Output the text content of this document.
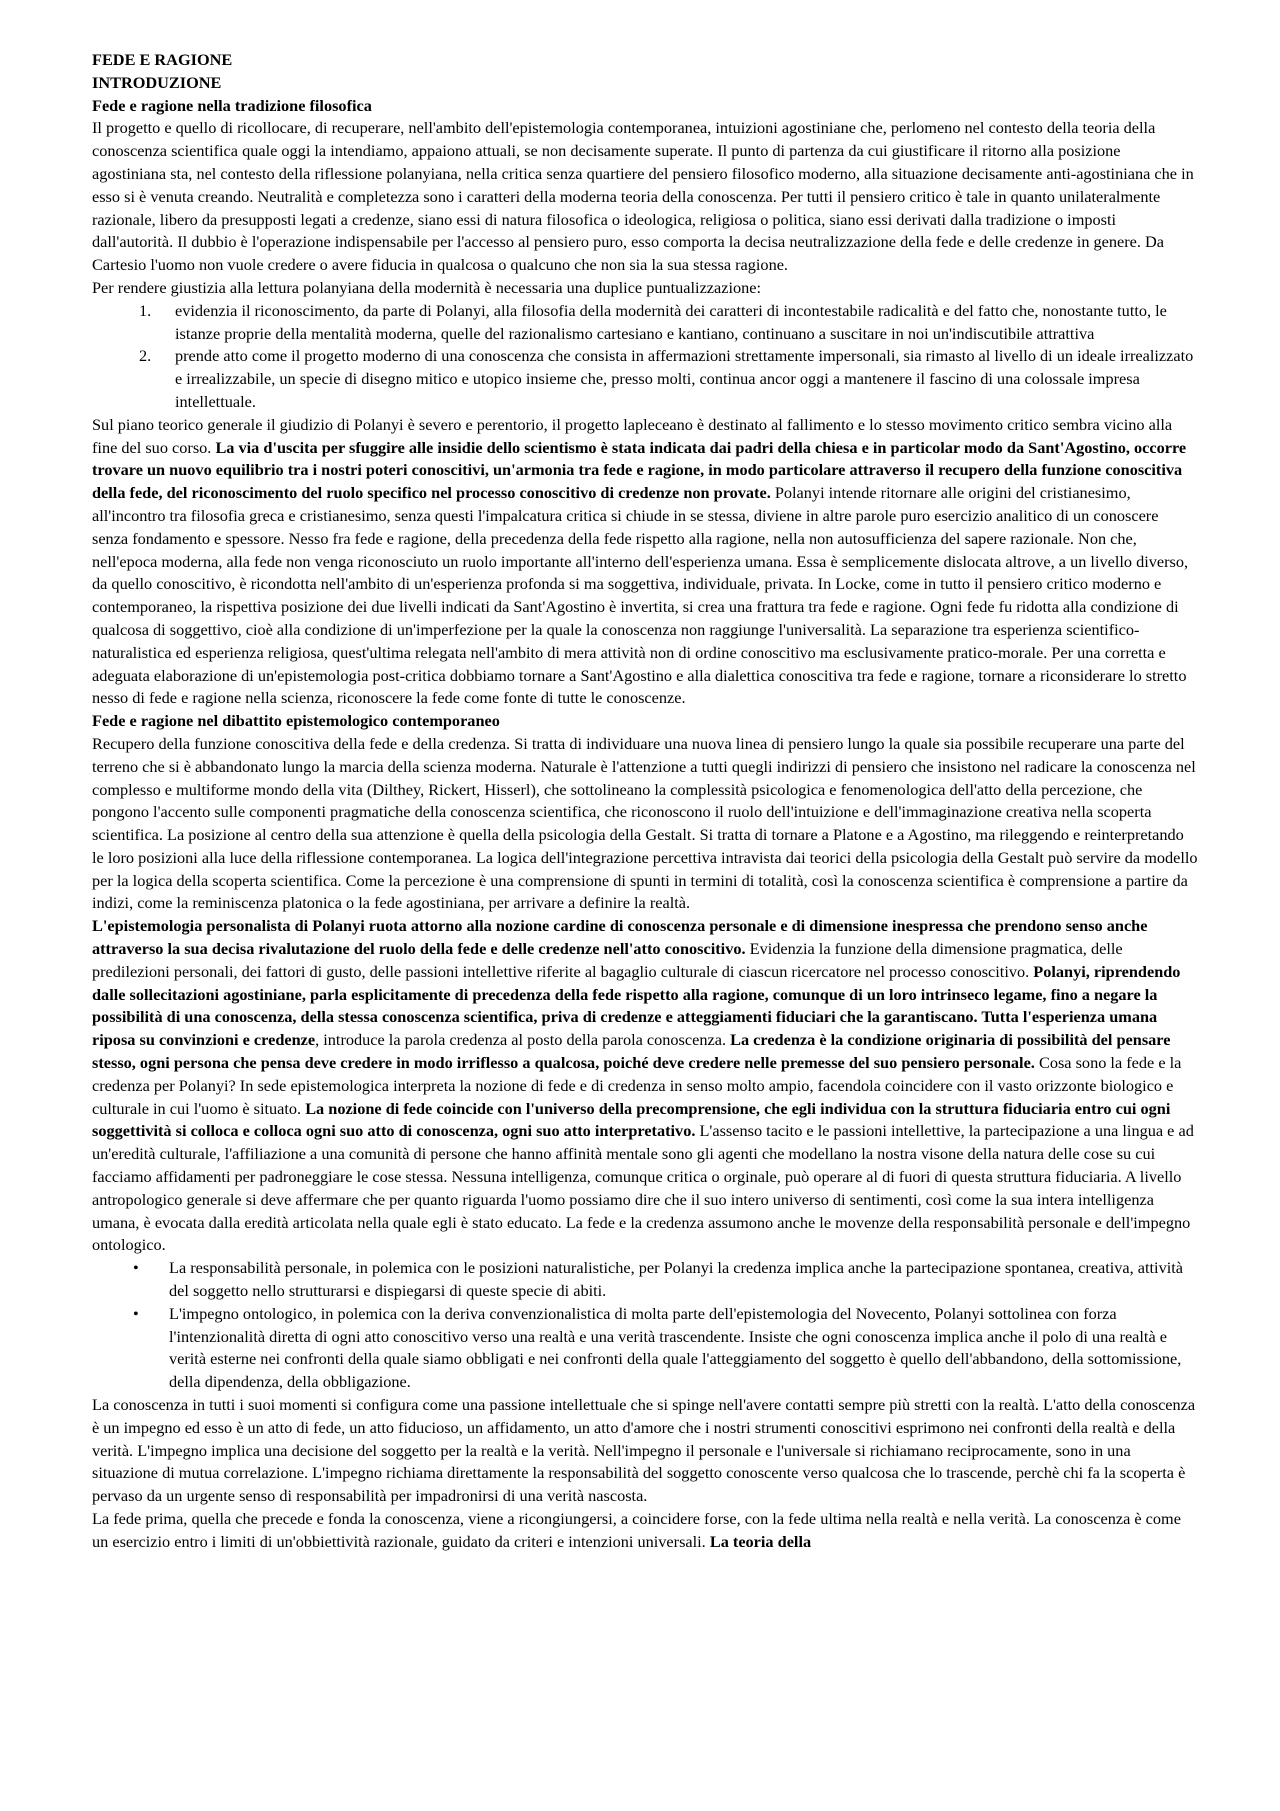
FEDE E RAGIONE

INTRODUZIONE

Fede e ragione nella tradizione filosofica

Il progetto e quello di ricollocare, di recuperare, nell'ambito dell'epistemologia contemporanea, intuizioni agostiniane che, perlomeno nel contesto della teoria della conoscenza scientifica quale oggi la intendiamo, appaiono attuali, se non decisamente superate. Il punto di partenza da cui giustificare il ritorno alla posizione agostiniana sta, nel contesto della riflessione polanyiana, nella critica senza quartiere del pensiero filosofico moderno, alla situazione decisamente anti-agostiniana che in esso si è venuta creando. Neutralità e completezza sono i caratteri della moderna teoria della conoscenza. Per tutti il pensiero critico è tale in quanto unilateralmente razionale, libero da presupposti legati a credenze, siano essi di natura filosofica o ideologica, religiosa o politica, siano essi derivati dalla tradizione o imposti dall'autorità. Il dubbio è l'operazione indispensabile per l'accesso al pensiero puro, esso comporta la decisa neutralizzazione della fede e delle credenze in genere. Da Cartesio l'uomo non vuole credere o avere fiducia in qualcosa o qualcuno che non sia la sua stessa ragione.

Per rendere giustizia alla lettura polanyiana della modernità è necessaria una duplice puntualizzazione:

1. evidenzia il riconoscimento, da parte di Polanyi, alla filosofia della modernità dei caratteri di incontestabile radicalità e del fatto che, nonostante tutto, le istanze proprie della mentalità moderna, quelle del razionalismo cartesiano e kantiano, continuano a suscitare in noi un'indiscutibile attrattiva
2. prende atto come il progetto moderno di una conoscenza che consista in affermazioni strettamente impersonali, sia rimasto al livello di un ideale irrealizzato e irrealizzabile, un specie di disegno mitico e utopico insieme che, presso molti, continua ancor oggi a mantenere il fascino di una colossale impresa intellettuale.

Sul piano teorico generale il giudizio di Polanyi è severo e perentorio, il progetto lapleceano è destinato al fallimento e lo stesso movimento critico sembra vicino alla fine del suo corso. La via d'uscita per sfuggire alle insidie dello scientismo è stata indicata dai padri della chiesa e in particolar modo da Sant'Agostino, occorre trovare un nuovo equilibrio tra i nostri poteri conoscitivi, un'armonia tra fede e ragione, in modo particolare attraverso il recupero della funzione conoscitiva della fede, del riconoscimento del ruolo specifico nel processo conoscitivo di credenze non provate. Polanyi intende ritornare alle origini del cristianesimo, all'incontro tra filosofia greca e cristianesimo, senza questi l'impalcatura critica si chiude in se stessa, diviene in altre parole puro esercizio analitico di un conoscere senza fondamento e spessore. Nesso fra fede e ragione, della precedenza della fede rispetto alla ragione, nella non autosufficienza del sapere razionale. Non che, nell'epoca moderna, alla fede non venga riconosciuto un ruolo importante all'interno dell'esperienza umana. Essa è semplicemente dislocata altrove, a un livello diverso, da quello conoscitivo, è ricondotta nell'ambito di un'esperienza profonda si ma soggettiva, individuale, privata. In Locke, come in tutto il pensiero critico moderno e contemporaneo, la rispettiva posizione dei due livelli indicati da Sant'Agostino è invertita, si crea una frattura tra fede e ragione. Ogni fede fu ridotta alla condizione di qualcosa di soggettivo, cioè alla condizione di un'imperfezione per la quale la conoscenza non raggiunge l'universalità. La separazione tra esperienza scientifico-naturalistica ed esperienza religiosa, quest'ultima relegata nell'ambito di mera attività non di ordine conoscitivo ma esclusivamente pratico-morale. Per una corretta e adeguata elaborazione di un'epistemologia post-critica dobbiamo tornare a Sant'Agostino e alla dialettica conoscitiva tra fede e ragione, tornare a riconsiderare lo stretto nesso di fede e ragione nella scienza, riconoscere la fede come fonte di tutte le conoscenze.

Fede e ragione nel dibattito epistemologico contemporaneo

Recupero della funzione conoscitiva della fede e della credenza. Si tratta di individuare una nuova linea di pensiero lungo la quale sia possibile recuperare una parte del terreno che si è abbandonato lungo la marcia della scienza moderna. Naturale è l'attenzione a tutti quegli indirizzi di pensiero che insistono nel radicare la conoscenza nel complesso e multiforme mondo della vita (Dilthey, Rickert, Hisserl), che sottolineano la complessità psicologica e fenomenologica dell'atto della percezione, che pongono l'accento sulle componenti pragmatiche della conoscenza scientifica, che riconoscono il ruolo dell'intuizione e dell'immaginazione creativa nella scoperta scientifica. La posizione al centro della sua attenzione è quella della psicologia della Gestalt. Si tratta di tornare a Platone e a Agostino, ma rileggendo e reinterpretando le loro posizioni alla luce della riflessione contemporanea. La logica dell'integrazione percettiva intravista dai teorici della psicologia della Gestalt può servire da modello per la logica della scoperta scientifica. Come la percezione è una comprensione di spunti in termini di totalità, così la conoscenza scientifica è comprensione a partire da indizi, come la reminiscenza platonica o la fede agostiniana, per arrivare a definire la realtà.

L'epistemologia personalista di Polanyi ruota attorno alla nozione cardine di conoscenza personale e di dimensione inespressa che prendono senso anche attraverso la sua decisa rivalutazione del ruolo della fede e delle credenze nell'atto conoscitivo. Evidenzia la funzione della dimensione pragmatica, delle predilezioni personali, dei fattori di gusto, delle passioni intellettive riferite al bagaglio culturale di ciascun ricercatore nel processo conoscitivo. Polanyi, riprendendo dalle sollecitazioni agostiniane, parla esplicitamente di precedenza della fede rispetto alla ragione, comunque di un loro intrinseco legame, fino a negare la possibilità di una conoscenza, della stessa conoscenza scientifica, priva di credenze e atteggiamenti fiduciari che la garantiscano. Tutta l'esperienza umana riposa su convinzioni e credenze, introduce la parola credenza al posto della parola conoscenza. La credenza è la condizione originaria di possibilità del pensare stesso, ogni persona che pensa deve credere in modo irriflesso a qualcosa, poiché deve credere nelle premesse del suo pensiero personale. Cosa sono la fede e la credenza per Polanyi? In sede epistemologica interpreta la nozione di fede e di credenza in senso molto ampio, facendola coincidere con il vasto orizzonte biologico e culturale in cui l'uomo è situato. La nozione di fede coincide con l'universo della precomprensione, che egli individua con la struttura fiduciaria entro cui ogni soggettività si colloca e colloca ogni suo atto di conoscenza, ogni suo atto interpretativo. L'assenso tacito e le passioni intellettive, la partecipazione a una lingua e ad un'eredità culturale, l'affiliazione a una comunità di persone che hanno affinità mentale sono gli agenti che modellano la nostra visone della natura delle cose su cui facciamo affidamenti per padroneggiare le cose stessa. Nessuna intelligenza, comunque critica o orginale, può operare al di fuori di questa struttura fiduciaria. A livello antropologico generale si deve affermare che per quanto riguarda l'uomo possiamo dire che il suo intero universo di sentimenti, così come la sua intera intelligenza umana, è evocata dalla eredità articolata nella quale egli è stato educato. La fede e la credenza assumono anche le movenze della responsabilità personale e dell'impegno ontologico.

• La responsabilità personale, in polemica con le posizioni naturalistiche, per Polanyi la credenza implica anche la partecipazione spontanea, creativa, attività del soggetto nello strutturarsi e dispiegarsi di queste specie di abiti.
• L'impegno ontologico, in polemica con la deriva convenzionalistica di molta parte dell'epistemologia del Novecento, Polanyi sottolinea con forza l'intenzionalità diretta di ogni atto conoscitivo verso una realtà e una verità trascendente. Insiste che ogni conoscenza implica anche il polo di una realtà e verità esterne nei confronti della quale siamo obbligati e nei confronti della quale l'atteggiamento del soggetto è quello dell'abbandono, della sottomissione, della dipendenza, della obbligazione.

La conoscenza in tutti i suoi momenti si configura come una passione intellettuale che si spinge nell'avere contatti sempre più stretti con la realtà. L'atto della conoscenza è un impegno ed esso è un atto di fede, un atto fiducioso, un affidamento, un atto d'amore che i nostri strumenti conoscitivi esprimono nei confronti della realtà e della verità. L'impegno implica una decisione del soggetto per la realtà e la verità. Nell'impegno il personale e l'universale si richiamano reciprocamente, sono in una situazione di mutua correlazione. L'impegno richiama direttamente la responsabilità del soggetto conoscente verso qualcosa che lo trascende, perchè chi fa la scoperta è pervaso da un urgente senso di responsabilità per impadronirsi di una verità nascosta.

La fede prima, quella che precede e fonda la conoscenza, viene a ricongiungersi, a coincidere forse, con la fede ultima nella realtà e nella verità. La conoscenza è come un esercizio entro i limiti di un'obbiettività razionale, guidato da criteri e intenzioni universali. La teoria della
